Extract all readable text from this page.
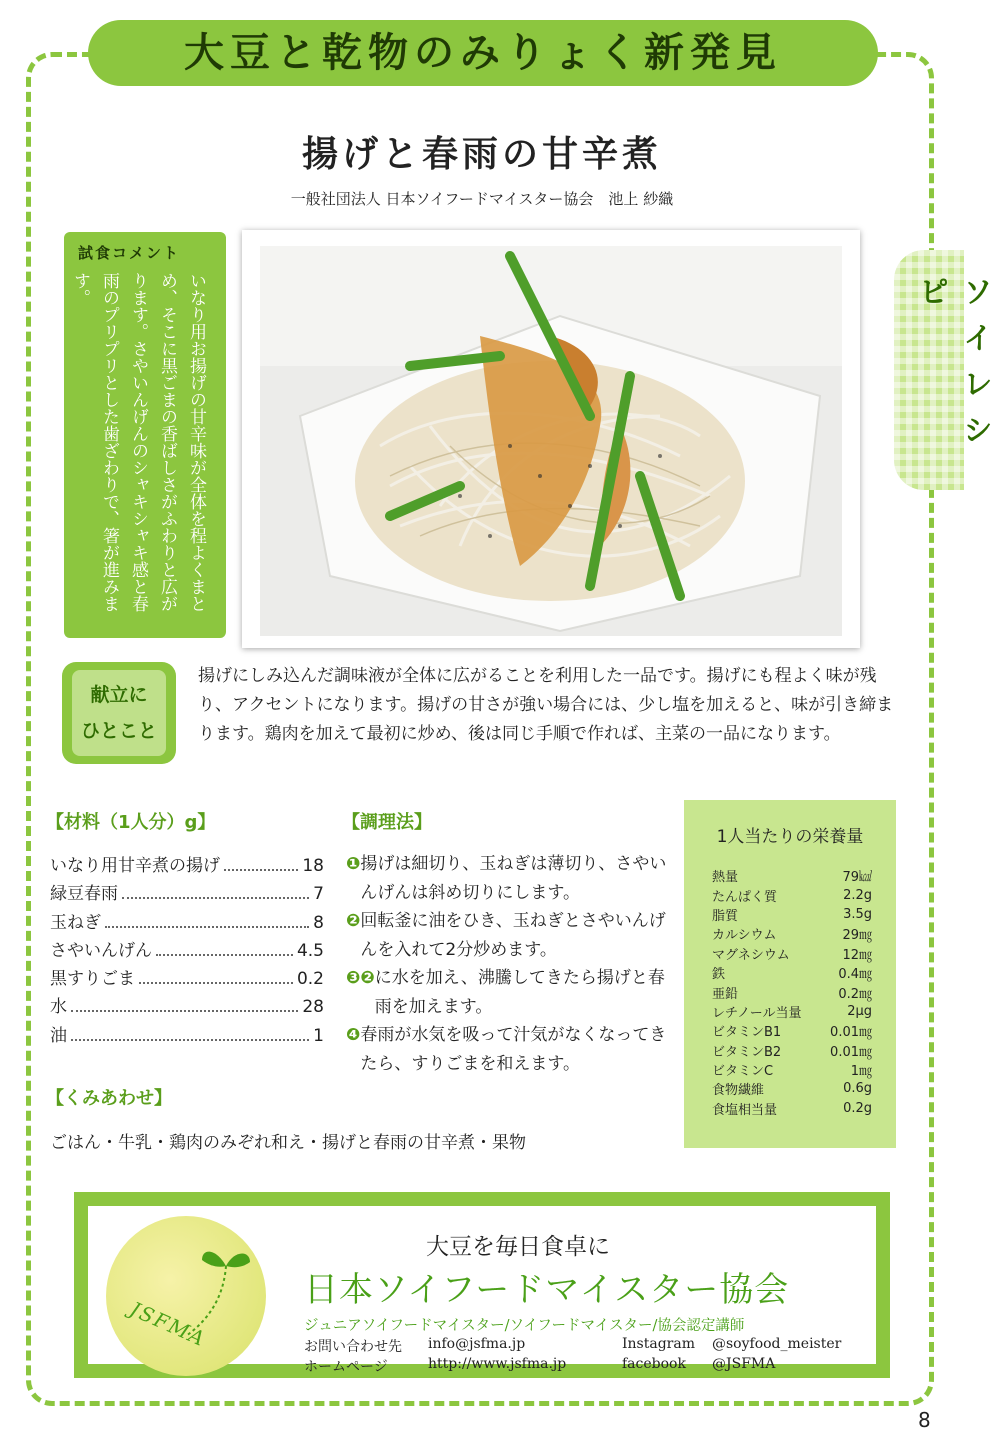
大豆と乾物のみりょく新発見
揚げと春雨の甘辛煮
一般社団法人 日本ソイフードマイスター協会　池上 紗織
ソイレシピ
試食コメント
いなり用お揚げの甘辛味が全体を程よくまとめ、そこに黒ごまの香ばしさがふわりと広がります。さやいんげんのシャキシャキ感と春雨のプリプリとした歯ざわりで、箸が進みます。
献立に
ひとこと
揚げにしみ込んだ調味液が全体に広がることを利用した一品です。揚げにも程よく味が残り、アクセントになります。揚げの甘さが強い場合には、少し塩を加えると、味が引き締まります。鶏肉を加えて最初に炒め、後は同じ手順で作れば、主菜の一品になります。
【材料（1人分）g】
いなり用甘辛煮の揚げ	18
緑豆春雨	7
玉ねぎ	8
さやいんげん	4.5
黒すりごま	0.2
水	28
油	1
【調理法】
❶ 揚げは細切り、玉ねぎは薄切り、さやいんげんは斜め切りにします。
❷ 回転釜に油をひき、玉ねぎとさやいんげんを入れて2分炒めます。
❸❷ に水を加え、沸騰してきたら揚げと春雨を加えます。
❹ 春雨が水気を吸って汁気がなくなってきたら、すりごまを和えます。
1人当たりの栄養量
熱量	79㎉
たんぱく質	2.2g
脂質	3.5g
カルシウム	29㎎
マグネシウム	12㎎
鉄	0.4㎎
亜鉛	0.2㎎
レチノール当量	2μg
ビタミンB1	0.01㎎
ビタミンB2	0.01㎎
ビタミンC	1㎎
食物繊維	0.6g
食塩相当量	0.2g
【くみあわせ】
ごはん・牛乳・鶏肉のみぞれ和え・揚げと春雨の甘辛煮・果物
JSFMA
大豆を毎日食卓に
日本ソイフードマイスター協会
ジュニアソイフードマイスター/ソイフードマイスター/協会認定講師
お問い合わせ先 info@jsfma.jp
ホームページ	http://www.jsfma.jp
Instagram @soyfood_meister
facebook @JSFMA
8
